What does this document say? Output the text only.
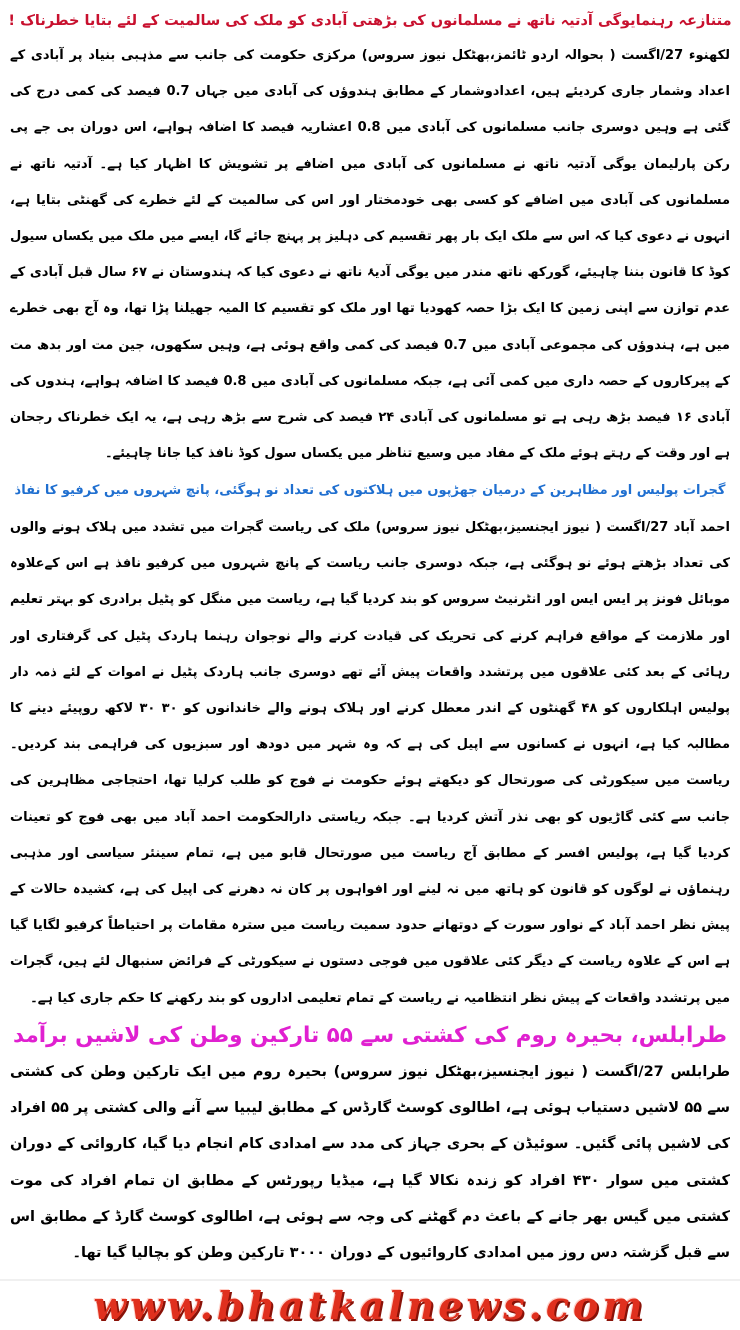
متنازعہ رہنمایوگی آدتیہ ناتھ نے مسلمانوں کی بڑھتی آبادی کو ملک کی سالمیت کے لئے بتایا خطرناک !

لکھنوء 27/اگست ( بحوالہ اردو ٹائمز،بھٹکل نیوز سروس) مرکزی حکومت کی جانب سے مذہبی بنیاد پر آبادی کے اعداد وشمار جاری کردیئے ہیں، اعدادوشمار کے مطابق ہندوؤں کی آبادی میں جہاں 0.7 فیصد کی کمی درج کی گئی ہے وہیں دوسری جانب مسلمانوں کی آبادی میں 0.8 اعشاریہ فیصد کا اضافہ ہواہے، اس دوران بی جے پی رکن پارلیمان یوگی آدتیہ ناتھ نے مسلمانوں کی آبادی میں اضافے پر تشویش کا اظہار کیا ہے۔ آدتیہ ناتھ نے مسلمانوں کی آبادی میں اضافے کو کسی بھی خودمختار اور اس کی سالمیت کے لئے خطرے کی گھنٹی بتایا ہے، انہوں نے دعوی کیا کہ اس سے ملک ایک بار پھر تقسیم کی دہلیز پر پہنچ جائے گا، ایسے میں ملک میں یکساں سیول کوڈ کا قانون بننا چاہیئے، گورکھ ناتھ مندر میں یوگی آدیۂ ناتھ نے دعوی کیا کہ ہندوستان نے ۶۷ سال قبل آبادی کے عدم توازن سے اپنی زمین کا ایک بڑا حصہ کھودیا تھا اور ملک کو تقسیم کا المیہ جھیلنا پڑا تھا، وہ آج بھی خطرے میں ہے، ہندوؤں کی مجموعی آبادی میں 0.7 فیصد کی کمی واقع ہوئی ہے، وہیں سکھوں، جین مت اور بدھ مت کے پیرکاروں کے حصہ داری میں کمی آئی ہے، جبکہ مسلمانوں کی آبادی میں 0.8 فیصد کا اضافہ ہواہے، ہندوں کی آبادی ۱۶ فیصد بڑھ رہی ہے تو مسلمانوں کی آبادی ۲۴ فیصد کی شرح سے بڑھ رہی ہے، یہ ایک خطرناک رجحان ہے اور وقت کے رہتے ہوئے ملک کے مفاد میں وسیع تناظر میں یکساں سول کوڈ نافذ کیا جانا چاہیئے۔

گجرات پولیس اور مظاہرین کے درمیان جھڑپوں میں ہلاکتوں کی تعداد نو ہوگئی، پانچ شہروں میں کرفیو کا نفاذ

احمد آباد 27/اگست ( نیوز ایجنسیز،بھٹکل نیوز سروس) ملک کی ریاست گجرات میں تشدد میں ہلاک ہونے والوں کی تعداد بڑھتے ہوئے نو ہوگئی ہے، جبکہ دوسری جانب ریاست کے پانچ شہروں میں کرفیو نافذ ہے اس کےعلاوہ موبائل فونز پر ایس ایس اور انٹرنیٹ سروس کو بند کردیا گیا ہے، ریاست میں منگل کو پٹیل برادری کو بہتر تعلیم اور ملازمت کے مواقع فراہم کرنے کی تحریک کی قیادت کرنے والے نوجوان رہنما ہاردک پٹیل کی گرفتاری اور رہائی کے بعد کئی علاقوں میں پرتشدد واقعات پیش آئے تھے دوسری جانب ہاردک پٹیل نے اموات کے لئے ذمہ دار پولیس اہلکاروں کو ۴۸ گھنٹوں کے اندر معطل کرنے اور ہلاک ہونے والے خاندانوں کو ۳۰ ۳۰ لاکھ روپیئے دینے کا مطالبہ کیا ہے، انہوں نے کسانوں سے اپیل کی ہے کہ وہ شہر میں دودھ اور سبزیوں کی فراہمی بند کردیں۔ ریاست میں سیکورٹی کی صورتحال کو دیکھتے ہوئے حکومت نے فوج کو طلب کرلیا تھا، احتجاجی مظاہرین کی جانب سے کئی گاڑیوں کو بھی نذر آتش کردیا ہے۔ جبکہ ریاستی دارالحکومت احمد آباد میں بھی فوج کو تعینات کردیا گیا ہے، پولیس افسر کے مطابق آج ریاست میں صورتحال قابو میں ہے، تمام سینئر سیاسی اور مذہبی رہنماؤں نے لوگوں کو قانون کو ہاتھ میں نہ لینے اور افواہوں پر کان نہ دھرنے کی اپیل کی ہے، کشیدہ حالات کے پیش نظر احمد آباد کے نواور سورت کے دوتھانے حدود سمیت ریاست میں سترہ مقامات پر احتیاطاً کرفیو لگایا گیا ہے اس کے علاوہ ریاست کے دیگر کئی علاقوں میں فوجی دستوں نے سیکورٹی کے فرائض سنبھال لئے ہیں، گجرات میں پرتشدد واقعات کے پیش نظر انتظامیہ نے ریاست کے تمام تعلیمی اداروں کو بند رکھنے کا حکم جاری کیا ہے۔

طرابلس، بحیرہ روم کی کشتی سے ۵۵ تارکین وطن کی لاشیں برآمد

طرابلس 27/اگست ( نیوز ایجنسیز،بھٹکل نیوز سروس) بحیرہ روم میں ایک تارکین وطن کی کشتی سے ۵۵ لاشیں دستیاب ہوئی ہے، اطالوی کوسٹ گارڈس کے مطابق لیبیا سے آنے والی کشتی پر ۵۵ افراد کی لاشیں پائی گئیں۔ سوئیڈن کے بحری جہاز کی مدد سے امدادی کام انجام دیا گیا، کاروائی کے دوران کشتی میں سوار ۴۳۰ افراد کو زندہ نکالا گیا ہے، میڈیا رپورٹس کے مطابق ان تمام افراد کی موت کشتی میں گیس بھر جانے کے باعث دم گھٹنے کی وجہ سے ہوئی ہے، اطالوی کوسٹ گارڈ کے مطابق اس سے قبل گزشتہ دس روز میں امدادی کاروائیوں کے دوران ۳۰۰۰ تارکین وطن کو بچالیا گیا تھا۔

www.bhatkalnews.com
